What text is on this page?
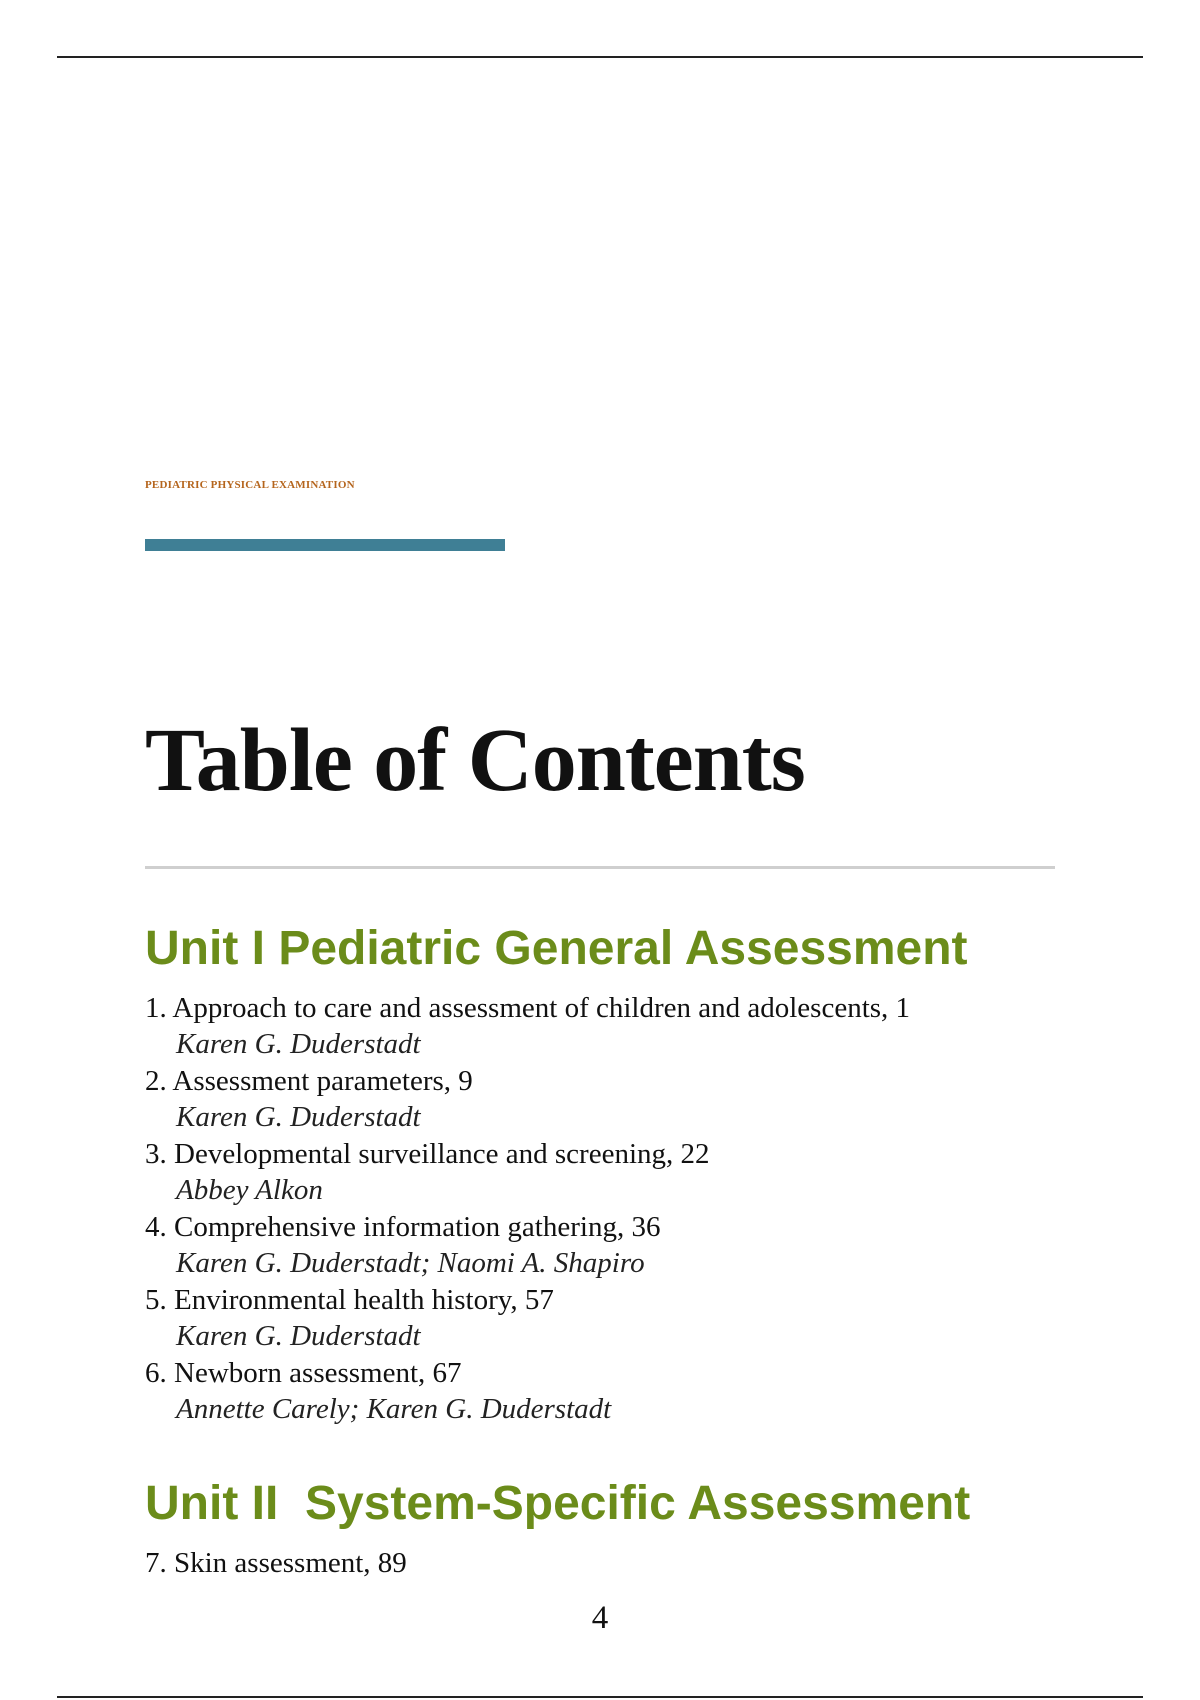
PEDIATRIC PHYSICAL EXAMINATION
Table of Contents
Unit I Pediatric General Assessment
1. Approach to care and assessment of children and adolescents, 1
Karen G. Duderstadt
2. Assessment parameters, 9
Karen G. Duderstadt
3. Developmental surveillance and screening, 22
Abbey Alkon
4. Comprehensive information gathering, 36
Karen G. Duderstadt; Naomi A. Shapiro
5. Environmental health history, 57
Karen G. Duderstadt
6. Newborn assessment, 67
Annette Carely; Karen G. Duderstadt
Unit II  System-Specific Assessment
7. Skin assessment, 89
4
